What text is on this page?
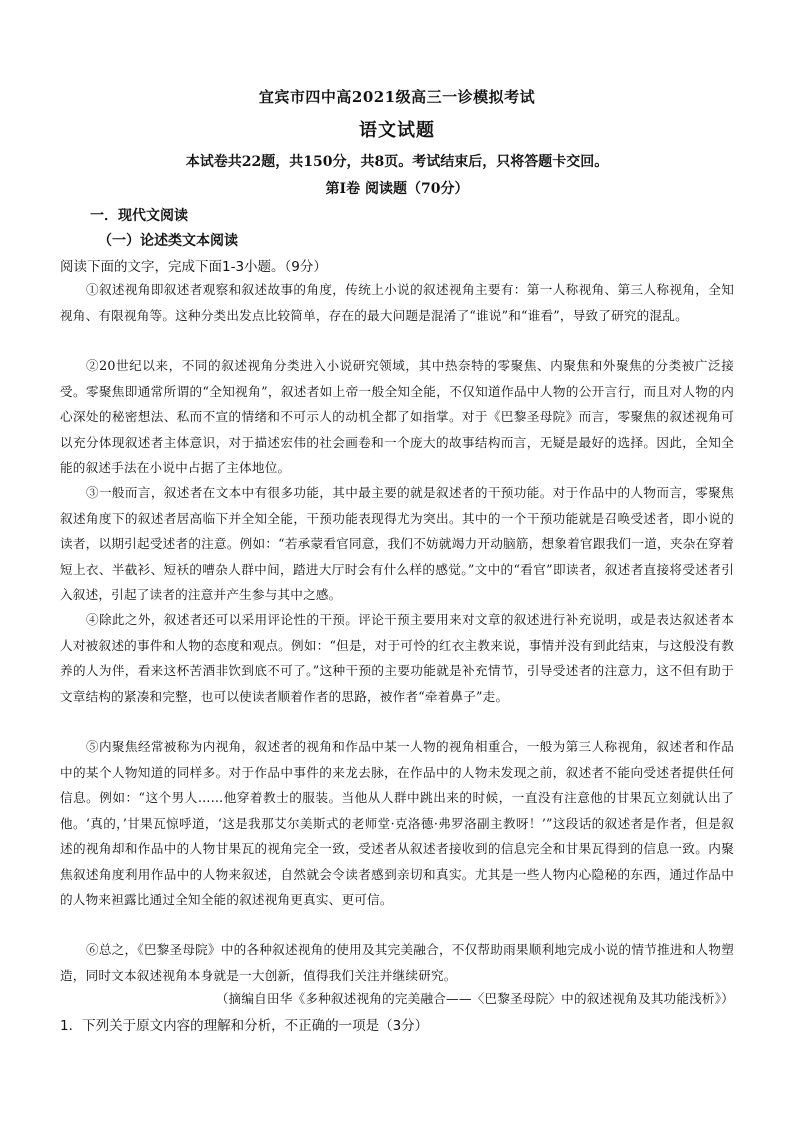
宜宾市四中高2021级高三一诊模拟考试
语文试题
本试卷共22题，共150分，共8页。考试结束后，只将答题卡交回。
第Ⅰ卷 阅读题（70分）
一．现代文阅读
（一）论述类文本阅读
阅读下面的文字，完成下面1-3小题。（9分）

①叙述视角即叙述者观察和叙述故事的角度，传统上小说的叙述视角主要有：第一人称视角、第三人称视角，全知视角、有限视角等。这种分类出发点比较简单，存在的最大问题是混淆了“谁说”和“谁看”，导致了研究的混乱。

②20世纪以来，不同的叙述视角分类进入小说研究领域，其中热奈特的零聚焦、内聚焦和外聚焦的分类被广泛接受。零聚焦即通常所谓的“全知视角”，叙述者如上帝一般全知全能，不仅知道作品中人物的公开言行，而且对人物的内心深处的秘密想法、私而不宣的情绪和不可示人的动机全都了如指掌。对于《巴黎圣母院》而言，零聚焦的叙述视角可以充分体现叙述者主体意识，对于描述宏伟的社会画卷和一个庞大的故事结构而言，无疑是最好的选择。因此，全知全能的叙述手法在小说中占据了主体地位。

③一般而言，叙述者在文本中有很多功能，其中最主要的就是叙述者的干预功能。对于作品中的人物而言，零聚焦叙述角度下的叙述者居高临下并全知全能，干预功能表现得尤为突出。其中的一个干预功能就是召唤受述者，即小说的读者，以期引起受述者的注意。例如：“若承蒙看官同意，我们不妨就竭力开动脑筋，想象着官跟我们一道，夹杂在穿着短上衣、半截衫、短袄的嘈杂人群中间，踏进大厅时会有什么样的感觉。”文中的“看官”即读者，叙述者直接将受述者引入叙述，引起了读者的注意并产生参与其中之感。

④除此之外，叙述者还可以采用评论性的干预。评论干预主要用来对文章的叙述进行补充说明，或是表达叙述者本人对被叙述的事件和人物的态度和观点。例如：“但是，对于可怜的红衣主教来说，事情并没有到此结束，与这般没有教养的人为伴，看来这杯苦酒非饮到底不可了。”这种干预的主要功能就是补充情节，引导受述者的注意力，这不但有助于文章结构的紧凑和完整，也可以使读者顺着作者的思路，被作者“牵着鼻子”走。

⑤内聚焦经常被称为内视角，叙述者的视角和作品中某一人物的视角相重合，一般为第三人称视角，叙述者和作品中的某个人物知道的同样多。对于作品中事件的来龙去脉，在作品中的人物未发现之前，叙述者不能向受述者提供任何信息。例如：“这个男人……他穿着教士的服装。当他从人群中跳出来的时候，一直没有注意他的甘果瓦立刻就认出了他。‘真的，’甘果瓦惊呼道，‘这是我那艾尔美斯式的老师堂·克洛德·弗罗洛副主教呀！’”这段话的叙述者是作者，但是叙述的视角却和作品中的人物甘果瓦的视角完全一致，受述者从叙述者接收到的信息完全和甘果瓦得到的信息一致。内聚焦叙述角度利用作品中的人物来叙述，自然就会令读者感到亲切和真实。尤其是一些人物内心隐秘的东西，通过作品中的人物来袒露比通过全知全能的叙述视角更真实、更可信。

⑥总之，《巴黎圣母院》中的各种叙述视角的使用及其完美融合，不仅帮助雨果顺利地完成小说的情节推进和人物塑造，同时文本叙述视角本身就是一大创新，值得我们关注并继续研究。

（摘编自田华《多种叙述视角的完美融合——〈巴黎圣母院〉中的叙述视角及其功能浅析》）
1．下列关于原文内容的理解和分析，不正确的一项是（3分）
